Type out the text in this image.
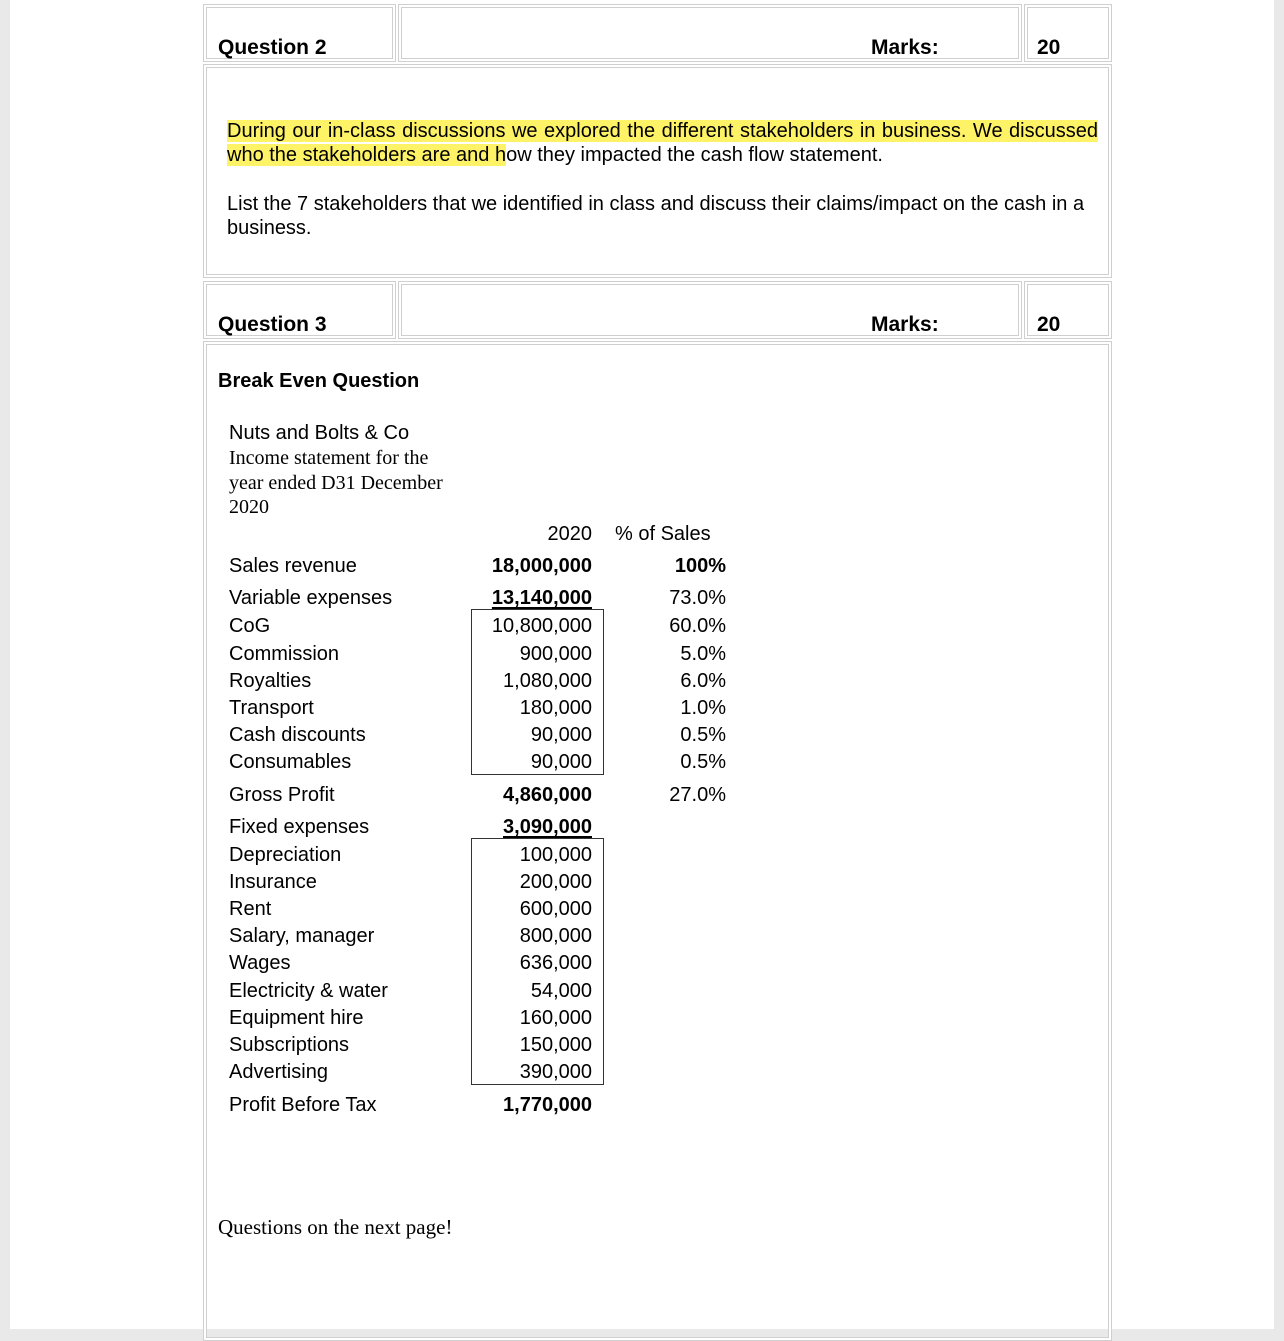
Question 2	Marks:	20
During our in-class discussions we explored the different stakeholders in business. We discussed who the stakeholders are and how they impacted the cash flow statement.
List the 7 stakeholders that we identified in class and discuss their claims/impact on the cash in a business.
Question 3	Marks:	20
Break Even Question
Nuts and Bolts & Co
Income statement for the year ended D31 December 2020
2020 % of Sales
Sales revenue	18,000,000	100%
Variable expenses	13,140,000	73.0%
CoG	10,800,000	60.0%
Commission	900,000	5.0%
Royalties	1,080,000	6.0%
Transport	180,000	1.0%
Cash discounts	90,000	0.5%
Consumables	90,000	0.5%
Gross Profit	4,860,000	27.0%
Fixed expenses	3,090,000
Depreciation	100,000
Insurance	200,000
Rent	600,000
Salary, manager	800,000
Wages	636,000
Electricity & water	54,000
Equipment hire	160,000
Subscriptions	150,000
Advertising	390,000
Profit Before Tax	1,770,000
Questions on the next page!
